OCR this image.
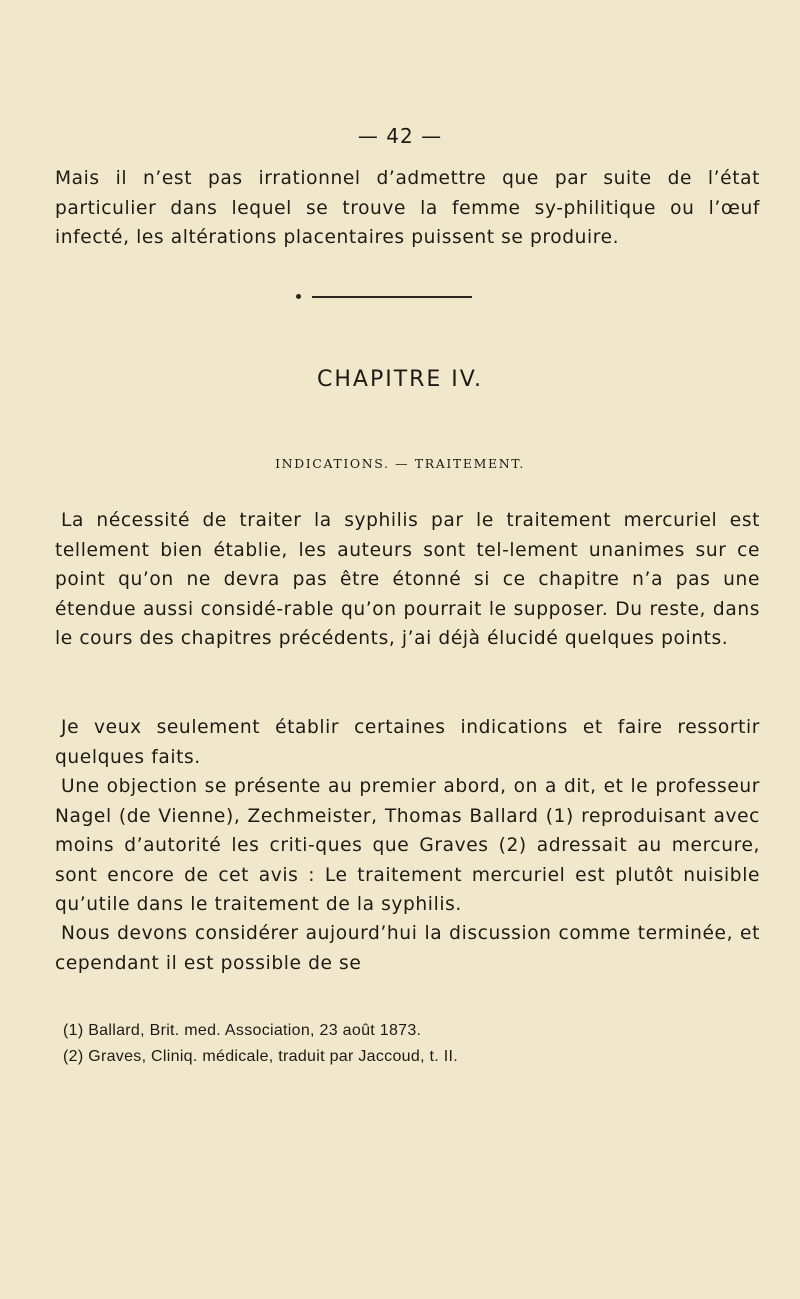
— 42 —

Mais il n’est pas irrationnel d’admettre que par suite de l’état particulier dans lequel se trouve la femme sy-philitique ou l’œuf infecté, les altérations placentaires puissent se produire.

CHAPITRE IV.
INDICATIONS. — TRAITEMENT.

La nécessité de traiter la syphilis par le traitement mercuriel est tellement bien établie, les auteurs sont tel-lement unanimes sur ce point qu’on ne devra pas être étonné si ce chapitre n’a pas une étendue aussi considé-rable qu’on pourrait le supposer. Du reste, dans le cours des chapitres précédents, j’ai déjà élucidé quelques points.

Je veux seulement établir certaines indications et faire ressortir quelques faits.

Une objection se présente au premier abord, on a dit, et le professeur Nagel (de Vienne), Zechmeister, Thomas Ballard (1) reproduisant avec moins d’autorité les criti-ques que Graves (2) adressait au mercure, sont encore de cet avis : Le traitement mercuriel est plutôt nuisible qu’utile dans le traitement de la syphilis.

Nous devons considérer aujourd’hui la discussion comme terminée, et cependant il est possible de se

(1) Ballard, Brit. med. Association, 23 août 1873.

(2) Graves, Cliniq. médicale, traduit par Jaccoud, t. II.
